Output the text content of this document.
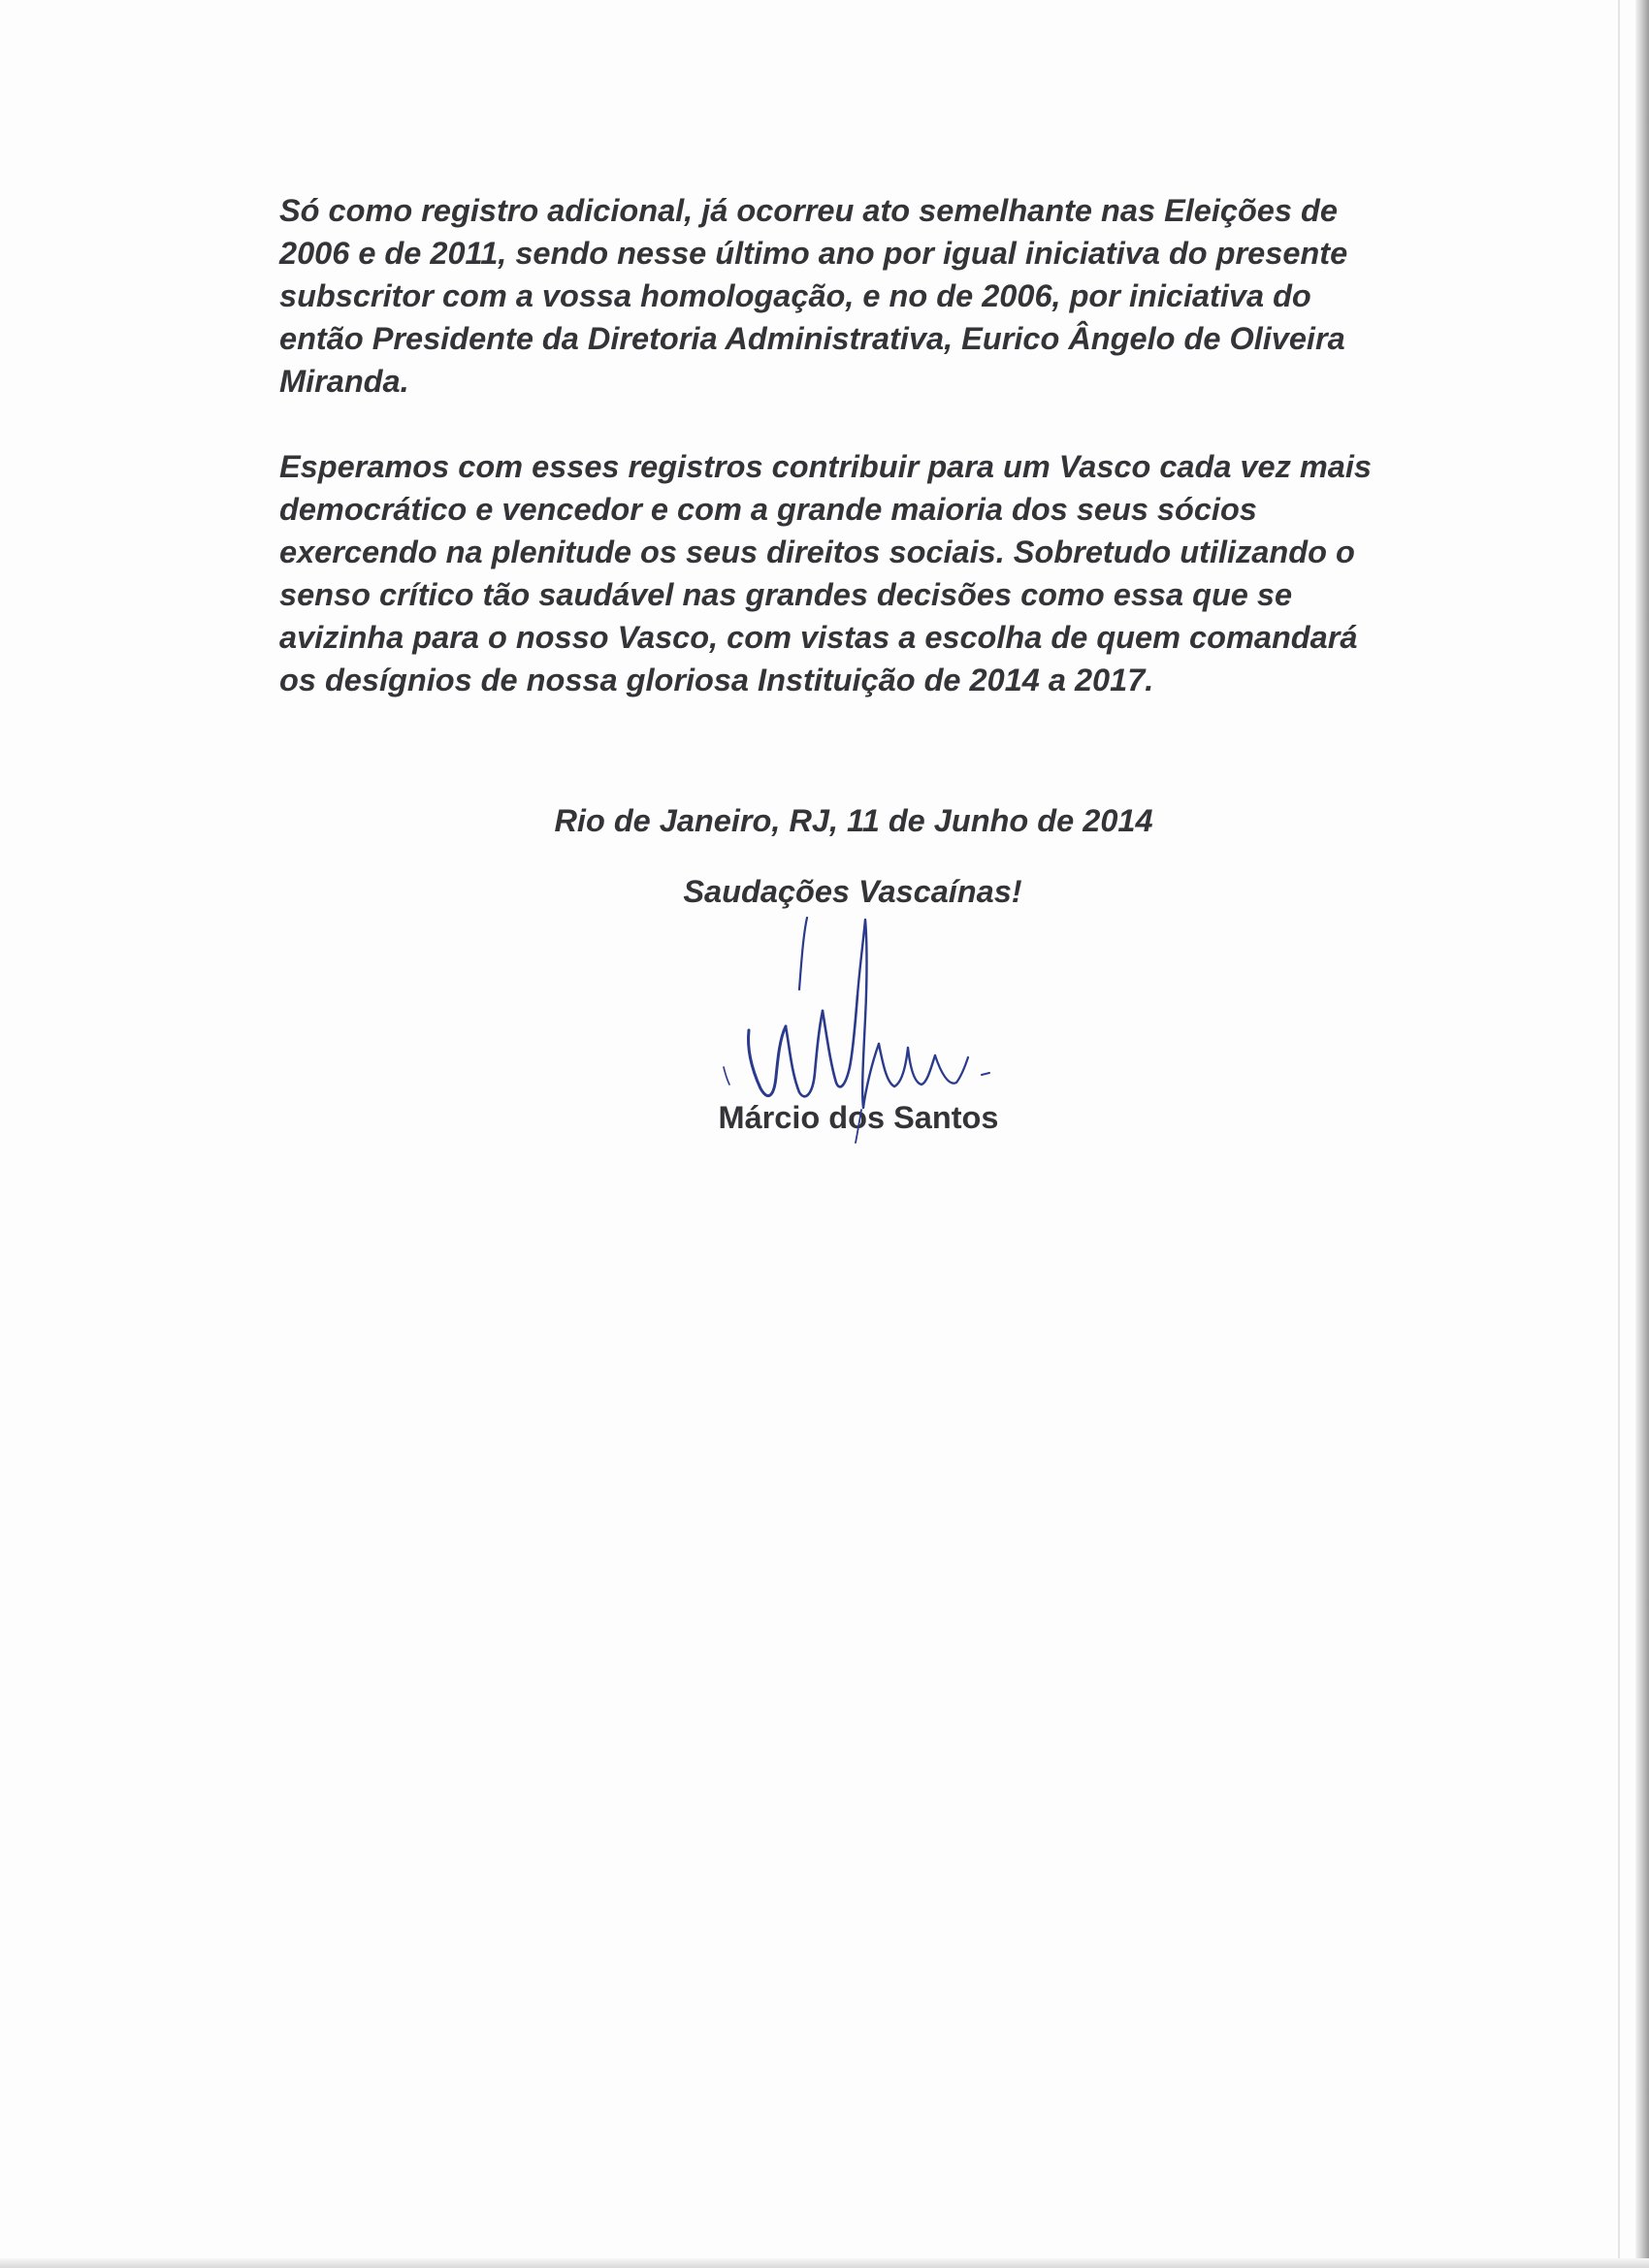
Só como registro adicional, já ocorreu ato semelhante nas Eleições de
2006 e de 2011, sendo nesse último ano por igual iniciativa do presente
subscritor com a vossa homologação, e no de 2006, por iniciativa do
então Presidente da Diretoria Administrativa, Eurico Ângelo de Oliveira
Miranda.
Esperamos com esses registros contribuir para um Vasco cada vez mais
democrático e vencedor e com a grande maioria dos seus sócios
exercendo na plenitude os seus direitos sociais. Sobretudo utilizando o
senso crítico tão saudável nas grandes decisões como essa que se
avizinha para o nosso Vasco, com vistas a escolha de quem comandará
os desígnios de nossa gloriosa Instituição de 2014 a 2017.

Rio de Janeiro, RJ, 11 de Junho de 2014

Saudações Vascaínas!

Márcio dos Santos
